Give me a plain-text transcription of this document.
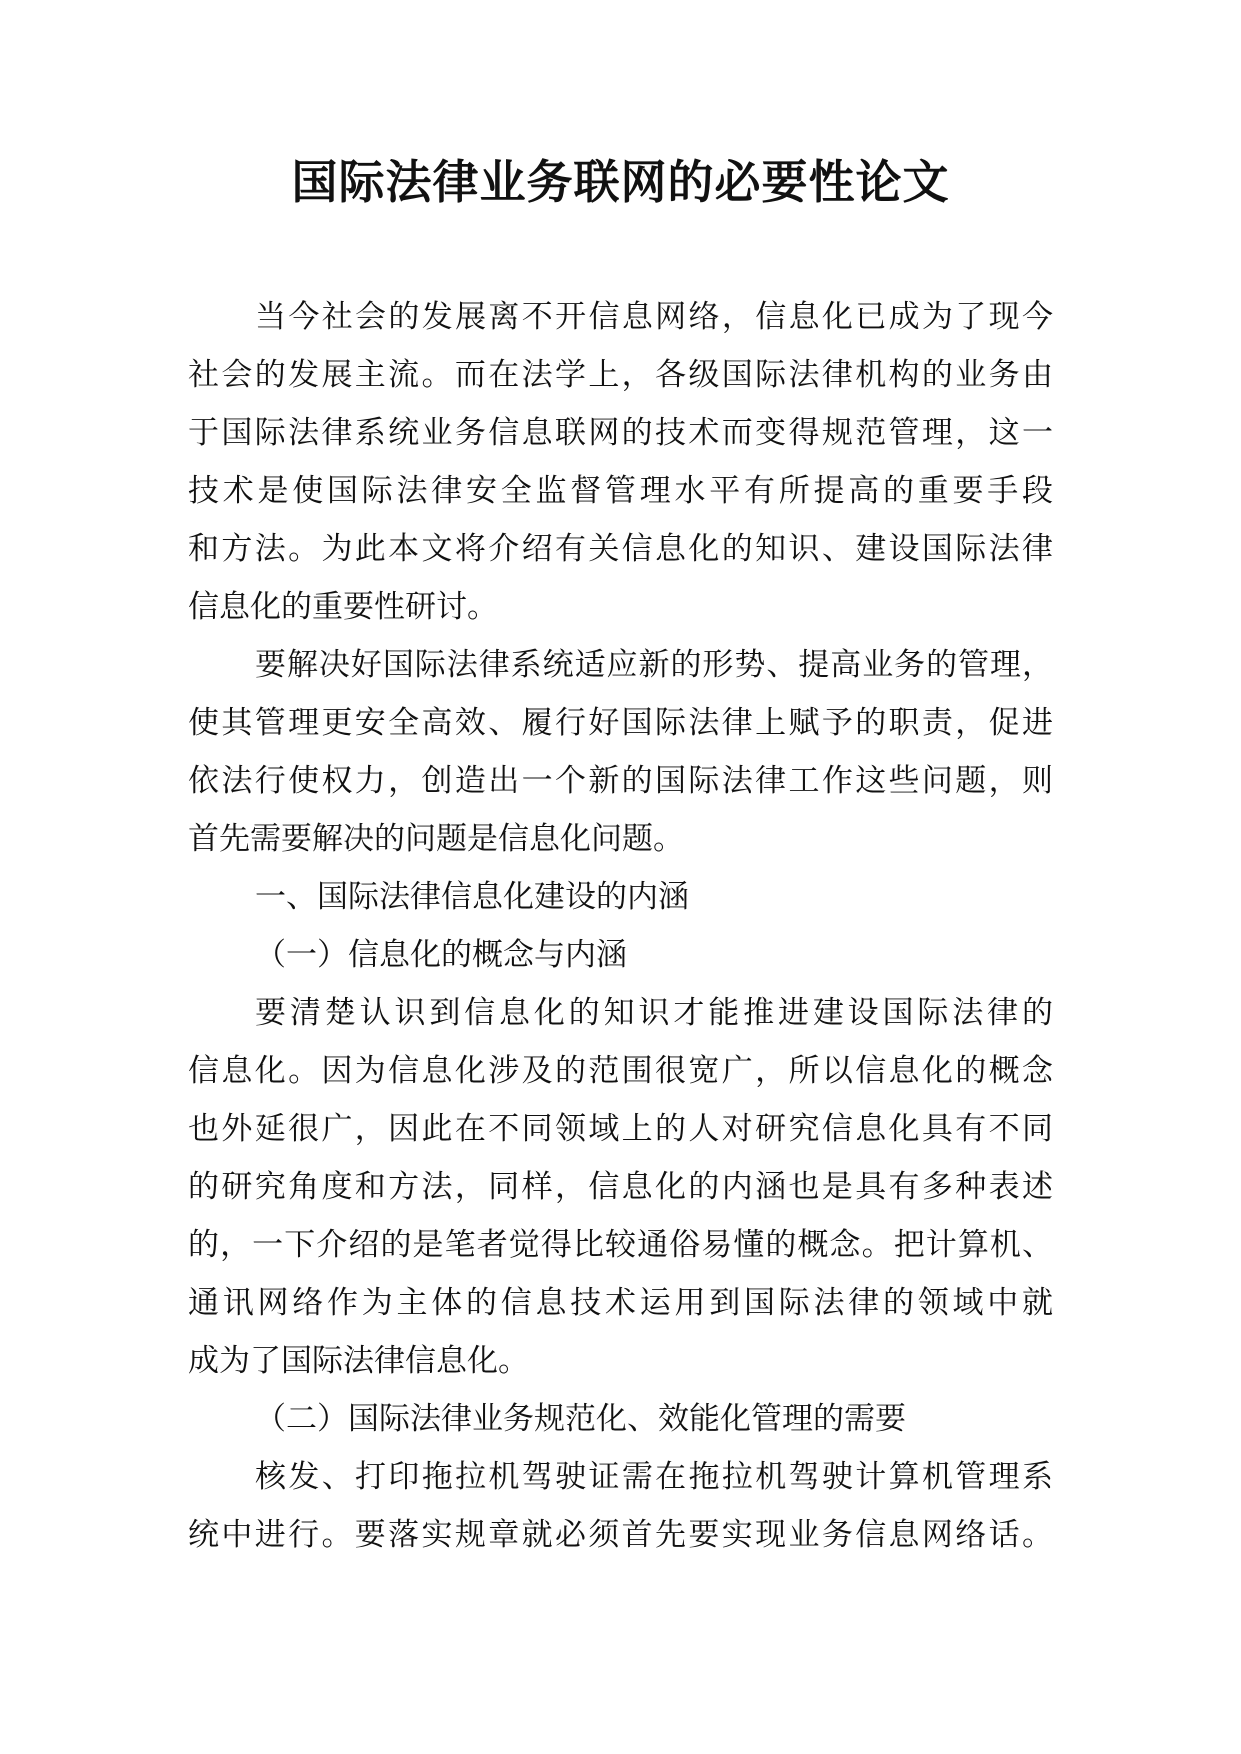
国际法律业务联网的必要性论文
当今社会的发展离不开信息网络，信息化已成为了现今
社会的发展主流。而在法学上，各级国际法律机构的业务由
于国际法律系统业务信息联网的技术而变得规范管理，这一
技术是使国际法律安全监督管理水平有所提高的重要手段
和方法。为此本文将介绍有关信息化的知识、建设国际法律
信息化的重要性研讨。
要解决好国际法律系统适应新的形势、提高业务的管理，
使其管理更安全高效、履行好国际法律上赋予的职责，促进
依法行使权力，创造出一个新的国际法律工作这些问题，则
首先需要解决的问题是信息化问题。
一、国际法律信息化建设的内涵
（一）信息化的概念与内涵
要清楚认识到信息化的知识才能推进建设国际法律的
信息化。因为信息化涉及的范围很宽广，所以信息化的概念
也外延很广，因此在不同领域上的人对研究信息化具有不同
的研究角度和方法，同样，信息化的内涵也是具有多种表述
的，一下介绍的是笔者觉得比较通俗易懂的概念。把计算机、
通讯网络作为主体的信息技术运用到国际法律的领域中就
成为了国际法律信息化。
（二）国际法律业务规范化、效能化管理的需要
核发、打印拖拉机驾驶证需在拖拉机驾驶计算机管理系
统中进行。要落实规章就必须首先要实现业务信息网络话。
